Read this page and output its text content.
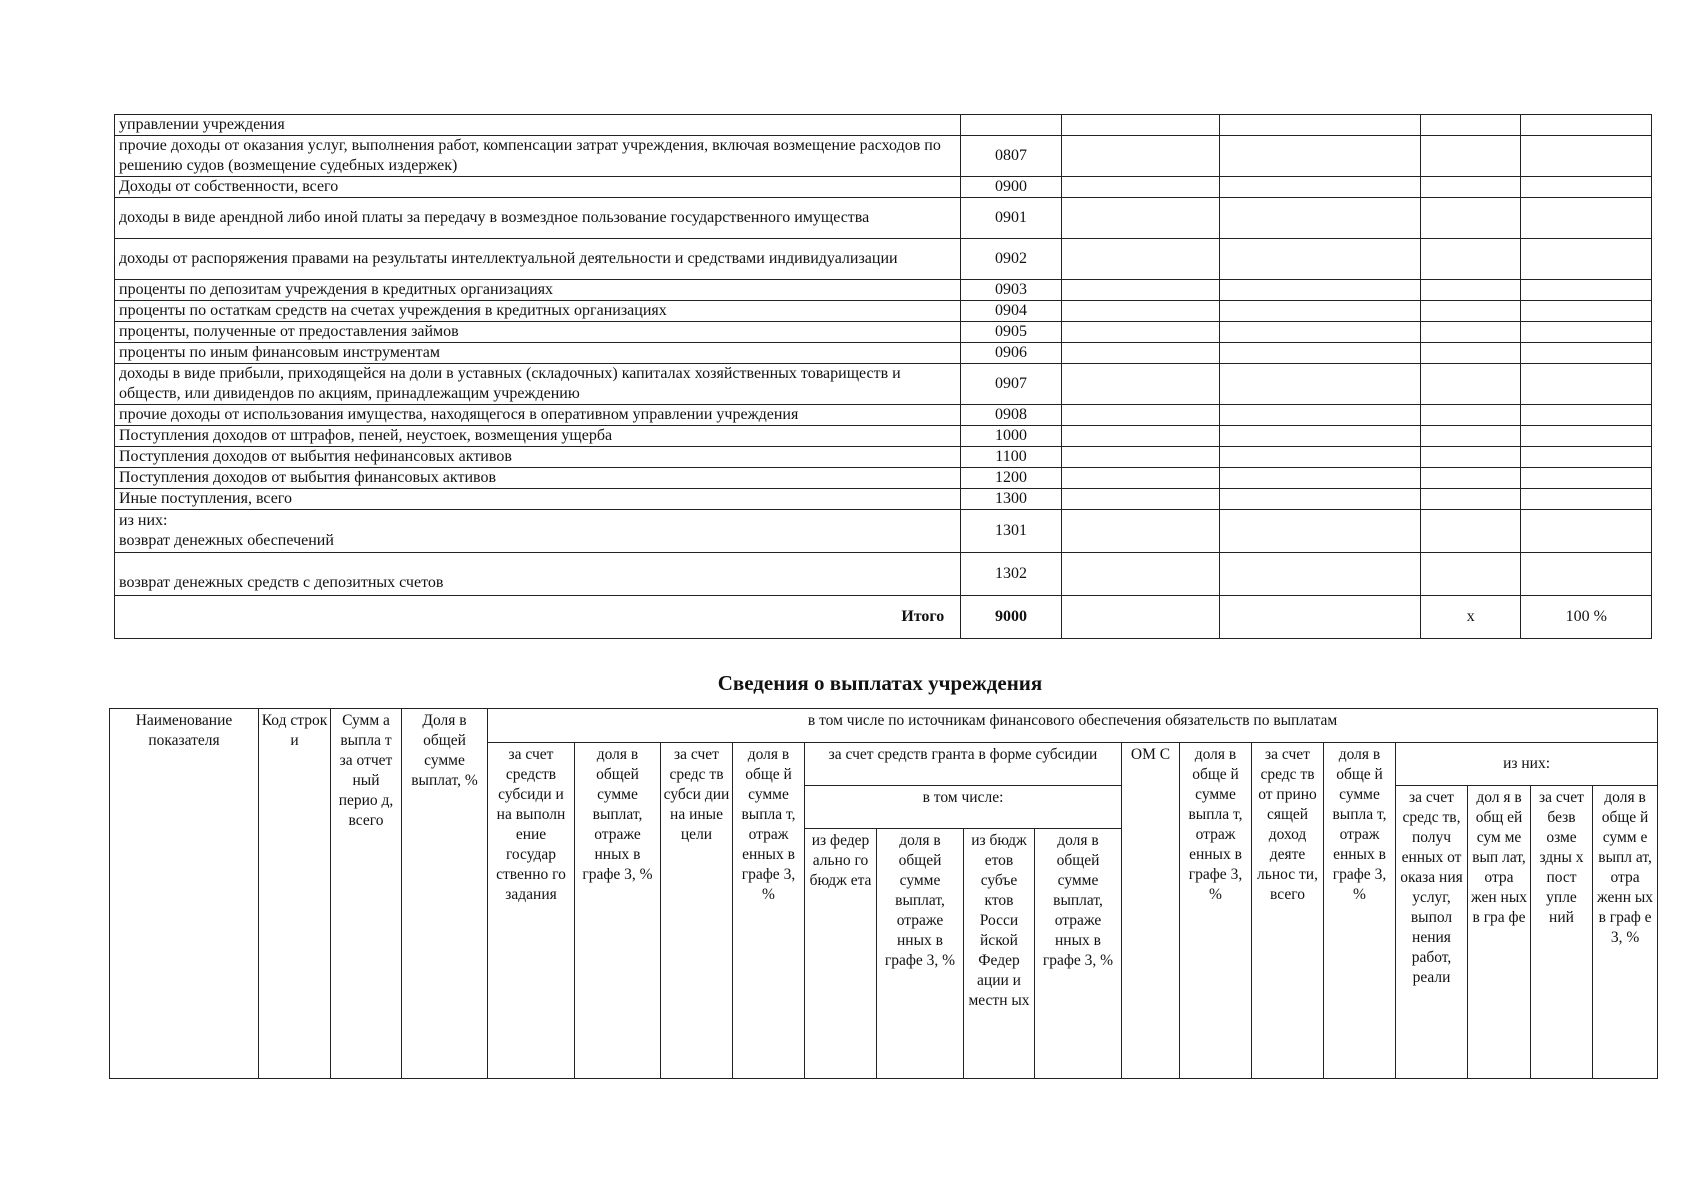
управлении учреждения					

прочие доходы от оказания услуг, выполнения работ, компенсации затрат учреждения, включая возмещение расходов по решению судов (возмещение судебных издержек)	0807				

Доходы от собственности, всего	0900				

доходы в виде арендной либо иной платы за передачу в возмездное пользование государственного имущества	0901				

доходы от распоряжения правами на результаты интеллектуальной деятельности и средствами индивидуализации	0902				

проценты по депозитам учреждения в кредитных организациях	0903				

проценты по остаткам средств на счетах учреждения в кредитных организациях	0904				

проценты, полученные от предоставления займов	0905				

проценты по иным финансовым инструментам	0906				

доходы в виде прибыли, приходящейся на доли в уставных (складочных) капиталах хозяйственных товариществ и обществ, или дивидендов по акциям, принадлежащим учреждению	0907				

прочие доходы от использования имущества, находящегося в оперативном управлении учреждения	0908				

Поступления доходов от штрафов, пеней, неустоек, возмещения ущерба	1000				

Поступления доходов от выбытия нефинансовых активов	1100				

Поступления доходов от выбытия финансовых активов	1200				

Иные поступления, всего	1300				

из них:
возврат денежных обеспечений	1301				

возврат денежных средств с депозитных счетов	1302				
Итого	9000			x	100 %
Сведения о выплатах учреждения
Наименование показателя	Код строк и	Сумм а выпла т за отчет ный перио д, всего	Доля в общей сумме выплат, %	в том числе по источникам финансового обеспечения обязательств по выплатам															
				за счет средств субсиди и на выполн ение государ ственно го задания	доля в общей сумме выплат, отраже нных в графе 3, %	за счет средс тв субси дии на иные цели	доля в обще й сумме выпла т, отраж енных в графе 3, %	за счет средств гранта в форме субсидии				ОМ С	доля в обще й сумме выпла т, отраж енных в графе 3, %	за счет средс тв от прино сящей доход деяте льнос ти, всего	доля в обще й сумме выпла т, отраж енных в графе 3, %	из них:			
								в том числе:								за счет средс тв, получ енных от оказа ния услуг, выпол нения работ, реали	дол я в общ ей сум ме вып лат, отра жен ных в гра фе	за счет безв озме здны х пост упле ний	доля в обще й сумм е выпл ат, отра женн ых в граф е 3, %
								из федер ально го бюдж ета	доля в общей сумме выплат, отраже нных в графе 3, %	из бюдж етов субъе ктов Росси йской Федер ации и местн ых	доля в общей сумме выплат, отраже нных в графе 3, %								
